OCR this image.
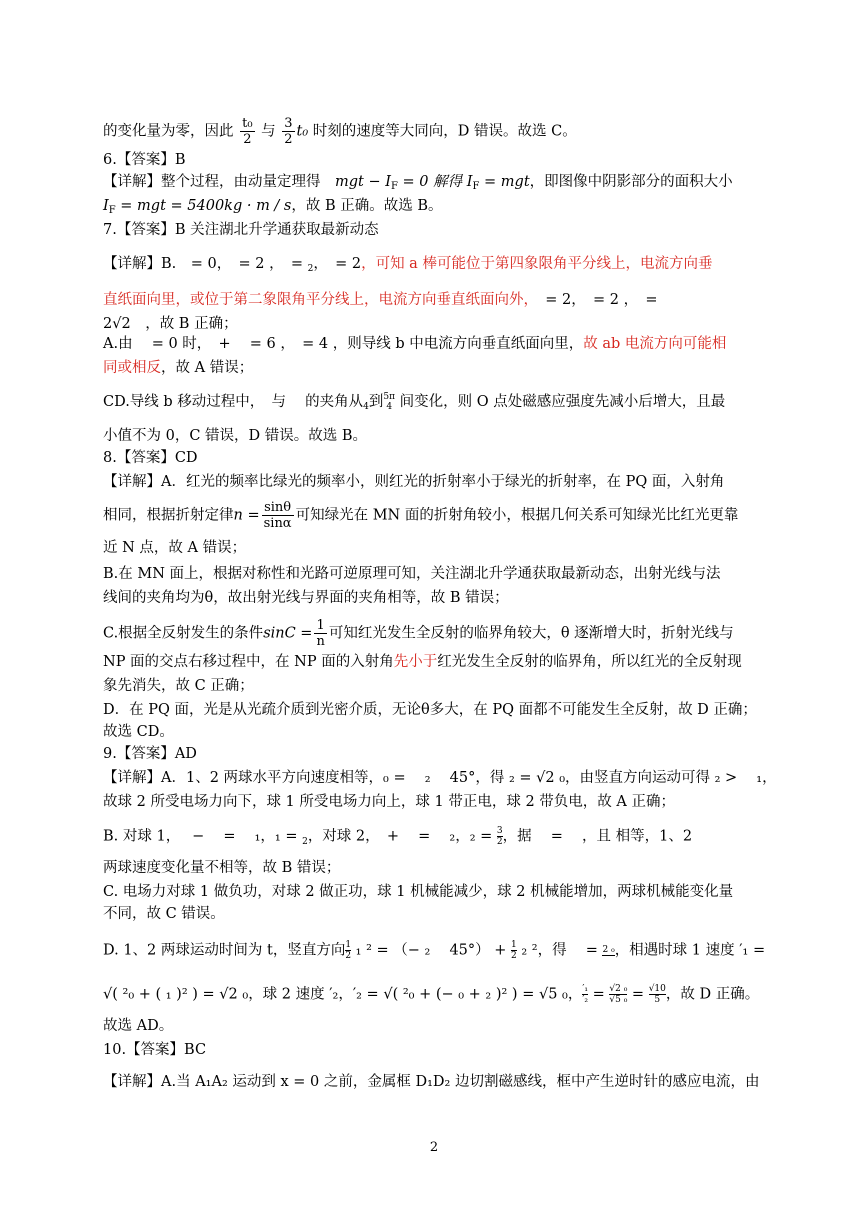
的变化量为零，因此 $\frac{\text{t₀}}{2}$ 与 $\frac{3}{2} t_0$ 时刻的速度等大同向，D 错误。故选 C。
6.【答案】B
【详解】整个过程，由动量定理得　 mgt − $I_F = 0$ 解得 $I_F$ = mgt，即图像中阴影部分的面积大小
$I_F$ = mgt = 5400kg · m / s，故 B 正确。故选 B。
7.【答案】B 关注湖北升学通获取最新动态
【详解】B.　= 0，　= 2 ，　=

2，　= 2，可知 a 棒可能位于第四象限角平分线上，电流方向垂
直纸面向里，或位于第二象限角平分线上，电流方向垂直纸面向外，　= 2，　= 2 ，　=
2√2　 ，故 B 正确；
A.由 　= 0 时，　+ 　= 6 ，　= 4 ，则导线 b 中电流方向垂直纸面向里，故 ab 电流方向可能相
同或相反，故 A 错误；
CD.导线 b 移动过程中，　与 　的夹角从

4到 5π
4 间变化，则 O 点处磁感应强度先减小后增大，且最
小值不为 0，C 错误，D 错误。故选 B。
8.【答案】CD
【详解】A．红光的频率比绿光的频率小，则红光的折射率小于绿光的折射率，在 PQ 面，入射角
相同，根据折射定律$n = \frac{\sin\theta}{\sin\alpha}$ 可知绿光在 MN 面的折射角较小，根据几何关系可知绿光比红光更靠
近 N 点，故 A 错误；
B.在 MN 面上，根据对称性和光路可逆原理可知，关注湖北升学通获取最新动态，出射光线与法
线间的夹角均为θ，故出射光线与界面的夹角相等，故 B 错误；
C.根据全反射发生的条件$\sin C = \frac{1}{n}$ 可知红光发生全反射的临界角较大，θ 逐渐增大时，折射光线与
NP 面的交点右移过程中，在 NP 面的入射角先小于红光发生全反射的临界角，所以红光的全反射现
象先消失，故 C 正确；
D．在 PQ 面，光是从光疏介质到光密介质，无论θ多大，在 PQ 面都不可能发生全反射，故 D 正确；
故选 CD。
9.【答案】AD
【详解】A．1、2 两球水平方向速度相等，₀ = 　₂ 　45°，得 ₂ = √2 ₀，由竖直方向运动可得 ₂ > 　₁，
故球 2 所受电场力向下，球 1 所受电场力向上，球 1 带正电，球 2 带负电，故 A 正确；
B. 对球 1，　 − 　= 　₁，₁ =

2，对球 2，　+ 　= 　₂，$_2 = \frac{3}{2}$，据 　= 　，且 相等，1、2
两球速度变化量不相等，故 B 错误；
C. 电场力对球 1 做负功，对球 2 做正功，球 1 机械能减少，球 2 机械能增加，两球机械能变化量
不同，故 C 错误。
D. 1、2 两球运动时间为 t，竖直方向 $\frac{1}{2} _1$ ² = （− ₂ 　$45^\circ) + \frac{1}{2} _2$ ²，得 　= 2 ₀ ，相遇时球 1 速度 ′₁ =
√( ²₀ + ( ₁ )² ) = √2 ₀，球 2 速度 ′₂，′₂ = √( ²₀ + (− ₀ + ₂ )² ) = √5 ₀， ′₁
$'_2 = \frac{\text{√2 ₀}}{\text{√5 ₀}} = \frac{√10}{5}$，故 D 正确。
故选 AD。
10.【答案】BC
【详解】A.当 A₁A₂ 运动到 x = 0 之前，金属框 D₁D₂ 边切割磁感线，框中产生逆时针的感应电流，由
2
